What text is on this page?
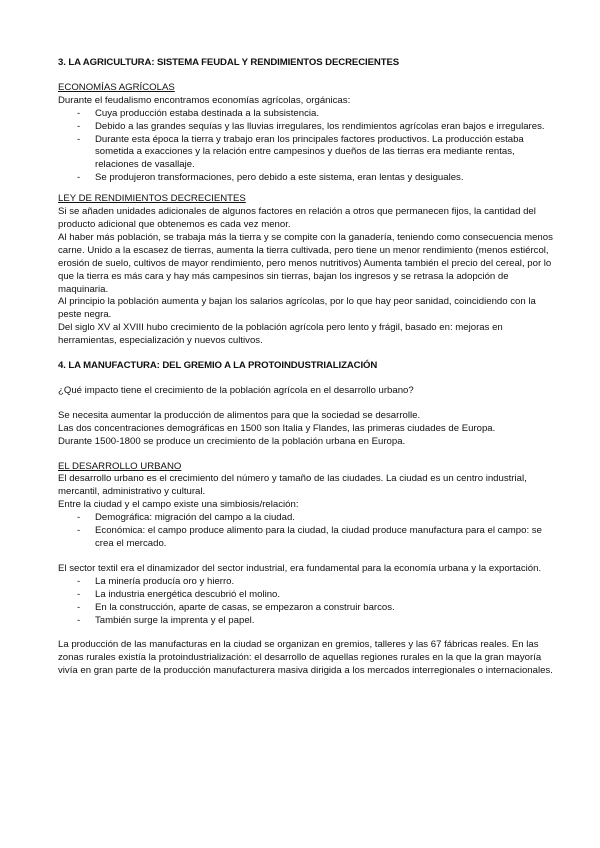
3. LA AGRICULTURA: SISTEMA FEUDAL Y RENDIMIENTOS DECRECIENTES

ECONOMÍAS AGRÍCOLAS

Durante el feudalismo encontramos economías agrícolas, orgánicas:

- Cuya producción estaba destinada a la subsistencia.
- Debido a las grandes sequías y las lluvias irregulares, los rendimientos agrícolas eran bajos e irregulares.
- Durante esta época la tierra y trabajo eran los principales factores productivos. La producción estaba sometida a exacciones y la relación entre campesinos y dueños de las tierras era mediante rentas, relaciones de vasallaje.
- Se produjeron transformaciones, pero debido a este sistema, eran lentas y desiguales.

LEY DE RENDIMIENTOS DECRECIENTES

Si se añaden unidades adicionales de algunos factores en relación a otros que permanecen fijos, la cantidad del producto adicional que obtenemos es cada vez menor.

Al haber más población, se trabaja más la tierra y se compite con la ganadería, teniendo como consecuencia menos carne. Unido a la escasez de tierras, aumenta la tierra cultivada, pero tiene un menor rendimiento (menos estiércol, erosión de suelo, cultivos de mayor rendimiento, pero menos nutritivos) Aumenta también el precio del cereal, por lo que la tierra es más cara y hay más campesinos sin tierras, bajan los ingresos y se retrasa la adopción de maquinaria.

Al principio la población aumenta y bajan los salarios agrícolas, por lo que hay peor sanidad, coincidiendo con la peste negra.

Del siglo XV al XVIII hubo crecimiento de la población agrícola pero lento y frágil, basado en: mejoras en herramientas, especialización y nuevos cultivos.

4. LA MANUFACTURA: DEL GREMIO A LA PROTOINDUSTRIALIZACIÓN

¿Qué impacto tiene el crecimiento de la población agrícola en el desarrollo urbano?

Se necesita aumentar la producción de alimentos para que la sociedad se desarrolle.

Las dos concentraciones demográficas en 1500 son Italia y Flandes, las primeras ciudades de Europa.

Durante 1500-1800 se produce un crecimiento de la población urbana en Europa.

EL DESARROLLO URBANO

El desarrollo urbano es el crecimiento del número y tamaño de las ciudades. La ciudad es un centro industrial, mercantil, administrativo y cultural.

Entre la ciudad y el campo existe una simbiosis/relación:

- Demográfica: migración del campo a la ciudad.
- Económica: el campo produce alimento para la ciudad, la ciudad produce manufactura para el campo: se crea el mercado.

El sector textil era el dinamizador del sector industrial, era fundamental para la economía urbana y la exportación.

- La minería producía oro y hierro.
- La industria energética descubrió el molino.
- En la construcción, aparte de casas, se empezaron a construir barcos.
- También surge la imprenta y el papel.

La producción de las manufacturas en la ciudad se organizan en gremios, talleres y las 67 fábricas reales. En las zonas rurales existía la protoindustrialización: el desarrollo de aquellas regiones rurales en la que la gran mayoría vivía en gran parte de la producción manufacturera masiva dirigida a los mercados interregionales o internacionales.
